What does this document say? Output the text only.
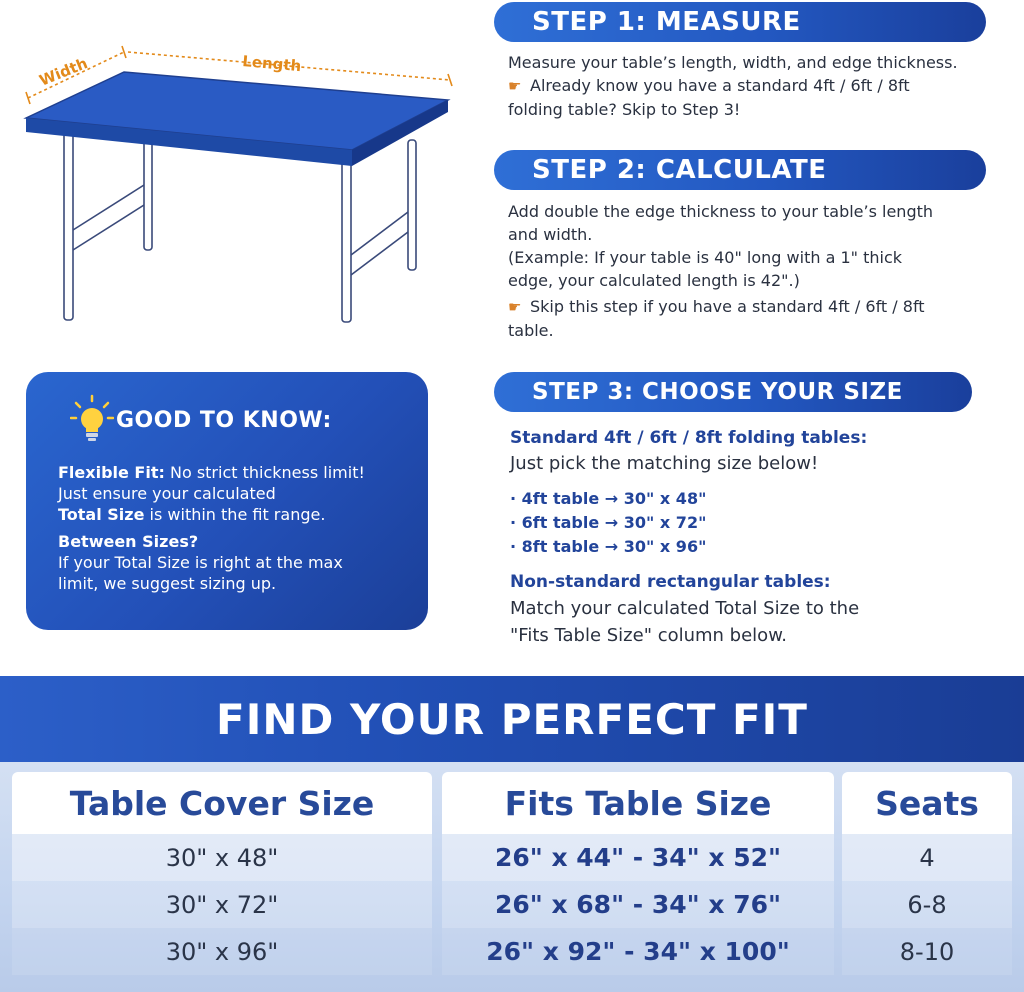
Width	Length
STEP 1: MEASURE
Measure your table’s length, width, and edge thickness.
☛ Already know you have a standard 4ft / 6ft / 8ft
folding table? Skip to Step 3!
STEP 2: CALCULATE
Add double the edge thickness to your table’s length
and width.
(Example: If your table is 40" long with a 1" thick
edge, your calculated length is 42".)
☛ Skip this step if you have a standard 4ft / 6ft / 8ft
table.
GOOD TO KNOW:
Flexible Fit: No strict thickness limit!
Just ensure your calculated
Total Size is within the fit range.
Between Sizes?
If your Total Size is right at the max
limit, we suggest sizing up.
STEP 3: CHOOSE YOUR SIZE
Standard 4ft / 6ft / 8ft folding tables:
Just pick the matching size below!
· 4ft table → 30" x 48"
· 6ft table → 30" x 72"
· 8ft table → 30" x 96"
Non-standard rectangular tables:
Match your calculated Total Size to the
"Fits Table Size" column below.
FIND YOUR PERFECT FIT
Table Cover Size
30" x 48"
30" x 72"
30" x 96"
Fits Table Size
26" x 44" - 34" x 52"
26" x 68" - 34" x 76"
26" x 92" - 34" x 100"
Seats
4
6-8
8-10
